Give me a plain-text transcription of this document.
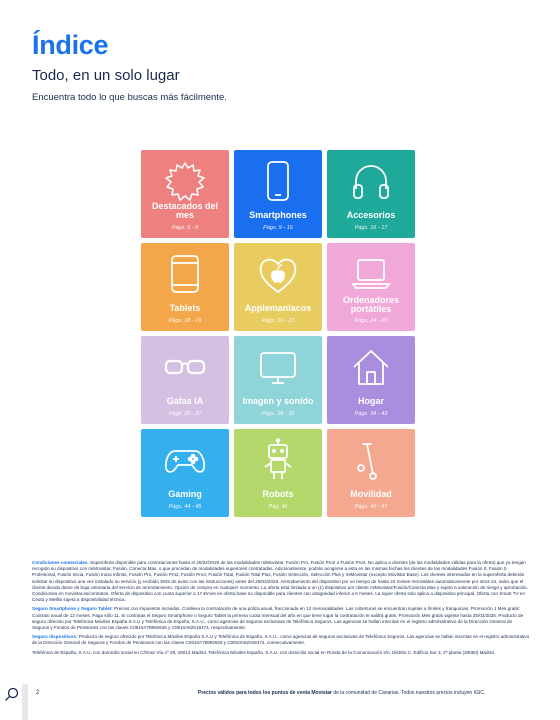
Índice
Todo, en un solo lugar
Encuentra todo lo que buscas más fácilmente.
Destacados del mes
Págs. 6 - 8
Smartphones
Págs. 9 - 15
Accesorios
Págs. 16 - 17
Tablets
Págs. 18 - 19
Applemaniacos
Págs. 20 - 23
Ordenadores portátiles
Págs. 24 - 25
Gafas IA
Págs. 26 - 27
Imagen y sonido
Págs. 28 - 32
Hogar
Págs. 34 - 43
Gaming
Págs. 44 - 45
Robots
Pág. 46
Movilidad
Págs. 46 - 47

Condiciones comerciales. Superoferta disponible para contrataciones hasta el 25/02/2026 de las modalidades miMovistar, Fusión Pro, Fusión Pro2 o Fusión Pro4. No aplica a clientes (de las modalidades válidas para la oferta) que ya tengan recogido su dispositivo con miMovistar, Fusión, Conecta Max, o que procedan de modalidades superiores contratadas. Adicionalmente, podrán acogerse a esta en las mismas fechas los clientes de las modalidades Fusión 0, Fusión 0 Profesional, Fusión Inicia, Fusión Inicia Infinito, Fusión Pro, Fusión Pro2, Fusión Pro4, Fusión Total, Fusión Total Plus, Fusión Selección, Selección Plus y miMovistar (excepto Movistar Base). Los clientes interesados en la superoferta deberán solicitar su dispositivo una vez instalado su servicio (y recibido SMS de aviso con las instrucciones) antes del 25/02/2026. Arrendamiento del dispositivo por un tiempo de hasta 24 meses renovables automáticamente por otros 24, salvo que el cliente decida darse de baja voluntaria del servicio de arrendamiento. Opción de compra en cualquier momento. La oferta está limitada a un (1) dispositivo por cliente miMovistar/Fusión/Conecta Max y sujeto a valoración de riesgo y aprobación. Condiciones en movistar.es/contratos. Oferta de dispositivo con cuota superior a 17 €/mes en oferta base no disponible para clientes con antigüedad inferior a 6 meses. La super oferta solo aplica a dispositivo principal. Oferta con Smart TV en Ceuta y Melilla sujeta a disponibilidad técnica.

Seguro Smartphone y Seguro Tablet: Precios con impuestos incluidos. Conlleva la contratación de una póliza anual, fraccionada en 12 mensualidades. Las coberturas se encuentran sujetas a límites y franquicias. Promoción 1 Mes gratis: Contrato anual de 12 meses. Paga sólo 11. Si contratas el Seguro Smartphone o Seguro Tablet la primera cuota mensual del año en que tiene lugar la contratación te saldrá gratis. Promoción Mes gratis vigente hasta 25/03/2026. Producto de seguro ofrecido por Telefónica Móviles España S.A.U y Telefónica de España, S.A.U., como agencias de seguros exclusivas de Telefónica Seguros. Las agencias se hallan inscritas en el registro administrativo de la Dirección General de Seguros y Fondos de Pensiones con las claves C0810A78992625 y C0810A82018474, respectivamente.

Seguro dispositivos: Producto de seguro ofrecido por Telefónica Móviles España S.A.U y Telefónica de España, S.A.U., como agencias de seguros exclusivas de Telefónica Seguros. Las agencias se hallan inscritas en el registro administrativo de la Dirección General de Seguros y Fondos de Pensiones con las claves C0810A78992625 y C0810A82018474, consecutivamente.

Telefónica de España, S.A.U. con domicilio social en C/Gran Vía nº 28, 28013 Madrid. Telefónica Móviles España, S.A.U. con domicilio social en Ronda de la Comunicación s/n, Distrito C, Edificio Sur 3, 2ª planta (28050) Madrid.

2	Precios válidos para todos los puntos de venta Movistar de la comunidad de Canarias. Todos nuestros precios incluyen IGIC.
